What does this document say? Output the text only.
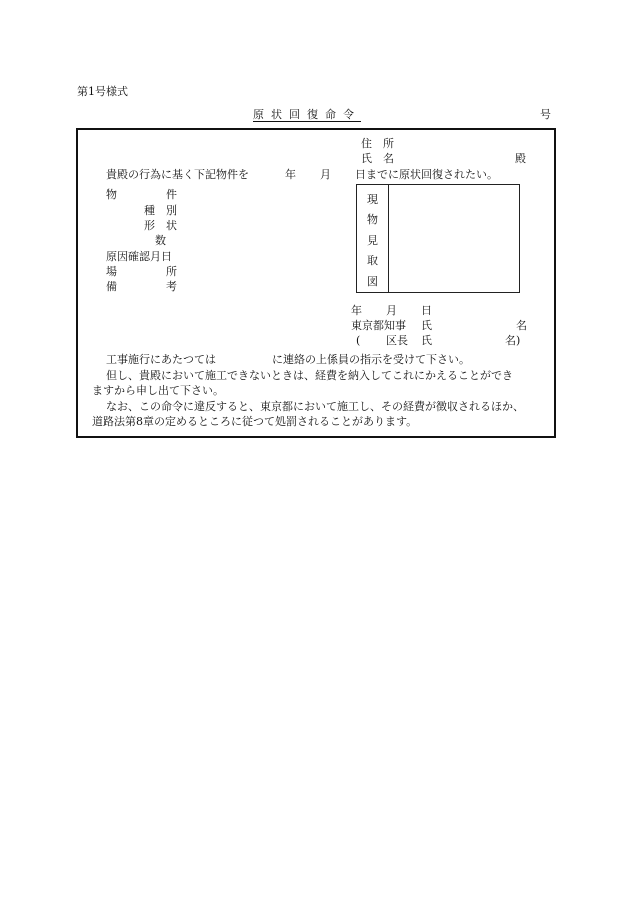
第1号様式
原状回復命令	号
住　所
氏　名	殿
貴殿の行為に基く下記物件を	年 月 日までに原状回復されたい。
物	件
種 別
形 状
数
原因確認月日
場	所
備	考
現
物
見
取
図
年 月 日
東京都知事 氏	名
( 区長 氏	名)
工事施行にあたつては	に連絡の上係員の指示を受けて下さい。
但し、貴殿において施工できないときは、経費を納入してこれにかえることができ
ますから申し出て下さい。
なお、この命令に違反すると、東京都において施工し、その経費が徴収されるほか、
道路法第8章の定めるところに従つて処罰されることがあります。
